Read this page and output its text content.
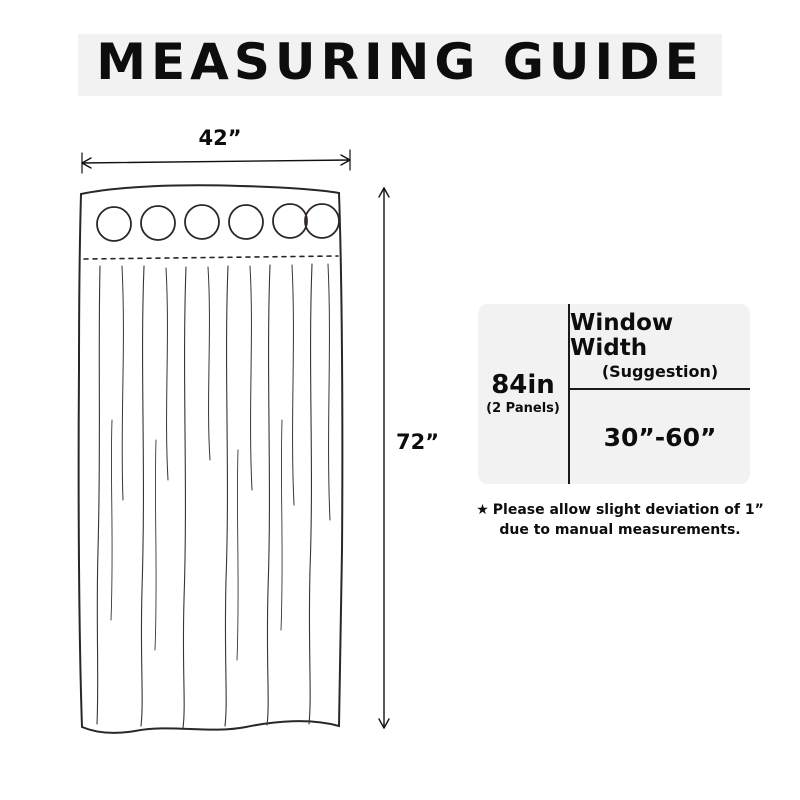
MEASURING GUIDE
42”
72”
84in
(2 Panels)
Window Width
(Suggestion)
30”-60”
★ Please allow slight deviation of 1”
due to manual measurements.
